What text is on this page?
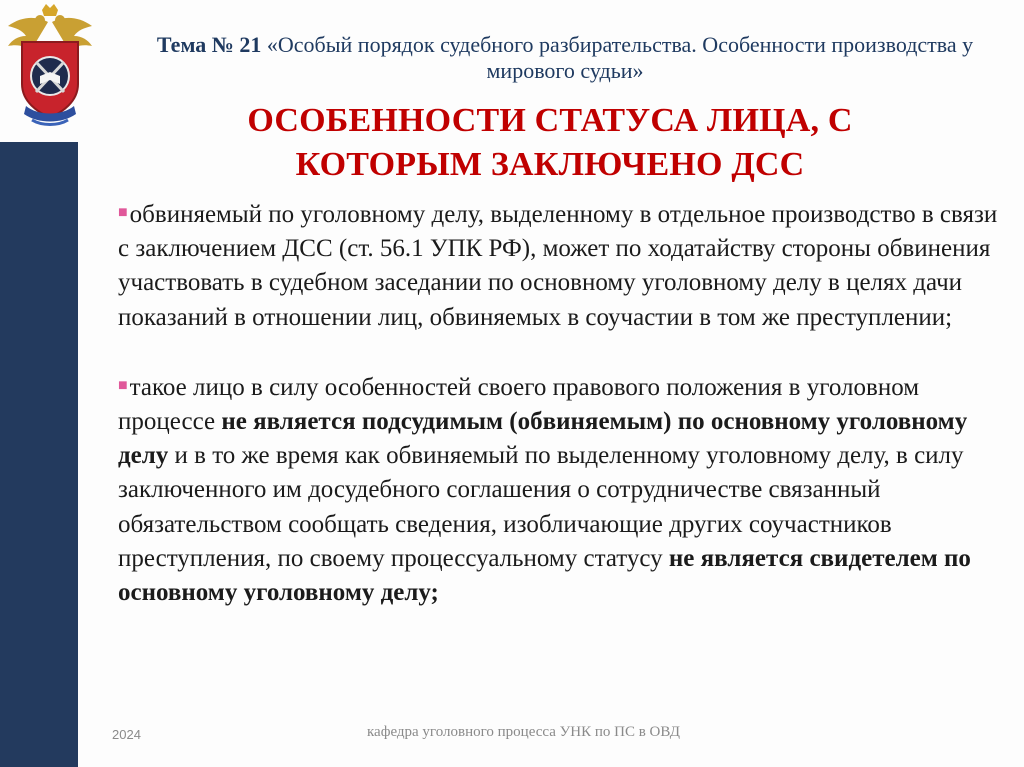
Тема № 21 «Особый порядок судебного разбирательства. Особенности производства у мирового судьи»
ОСОБЕННОСТИ СТАТУСА ЛИЦА, С КОТОРЫМ ЗАКЛЮЧЕНО ДСС

■обвиняемый по уголовному делу, выделенному в отдельное производство в связи с заключением ДСС (ст. 56.1 УПК РФ), может по ходатайству стороны обвинения участвовать в судебном заседании по основному уголовному делу в целях дачи показаний в отношении лиц, обвиняемых в соучастии в том же преступлении;

■такое лицо в силу особенностей своего правового положения в уголовном процессе не является подсудимым (обвиняемым) по основному уголовному делу и в то же время как обвиняемый по выделенному уголовному делу, в силу заключенного им досудебного соглашения о сотрудничестве связанный обязательством сообщать сведения, изобличающие других соучастников преступления, по своему процессуальному статусу не является свидетелем по основному уголовному делу;

2024	кафедра уголовного процесса УНК по ПС в ОВД
